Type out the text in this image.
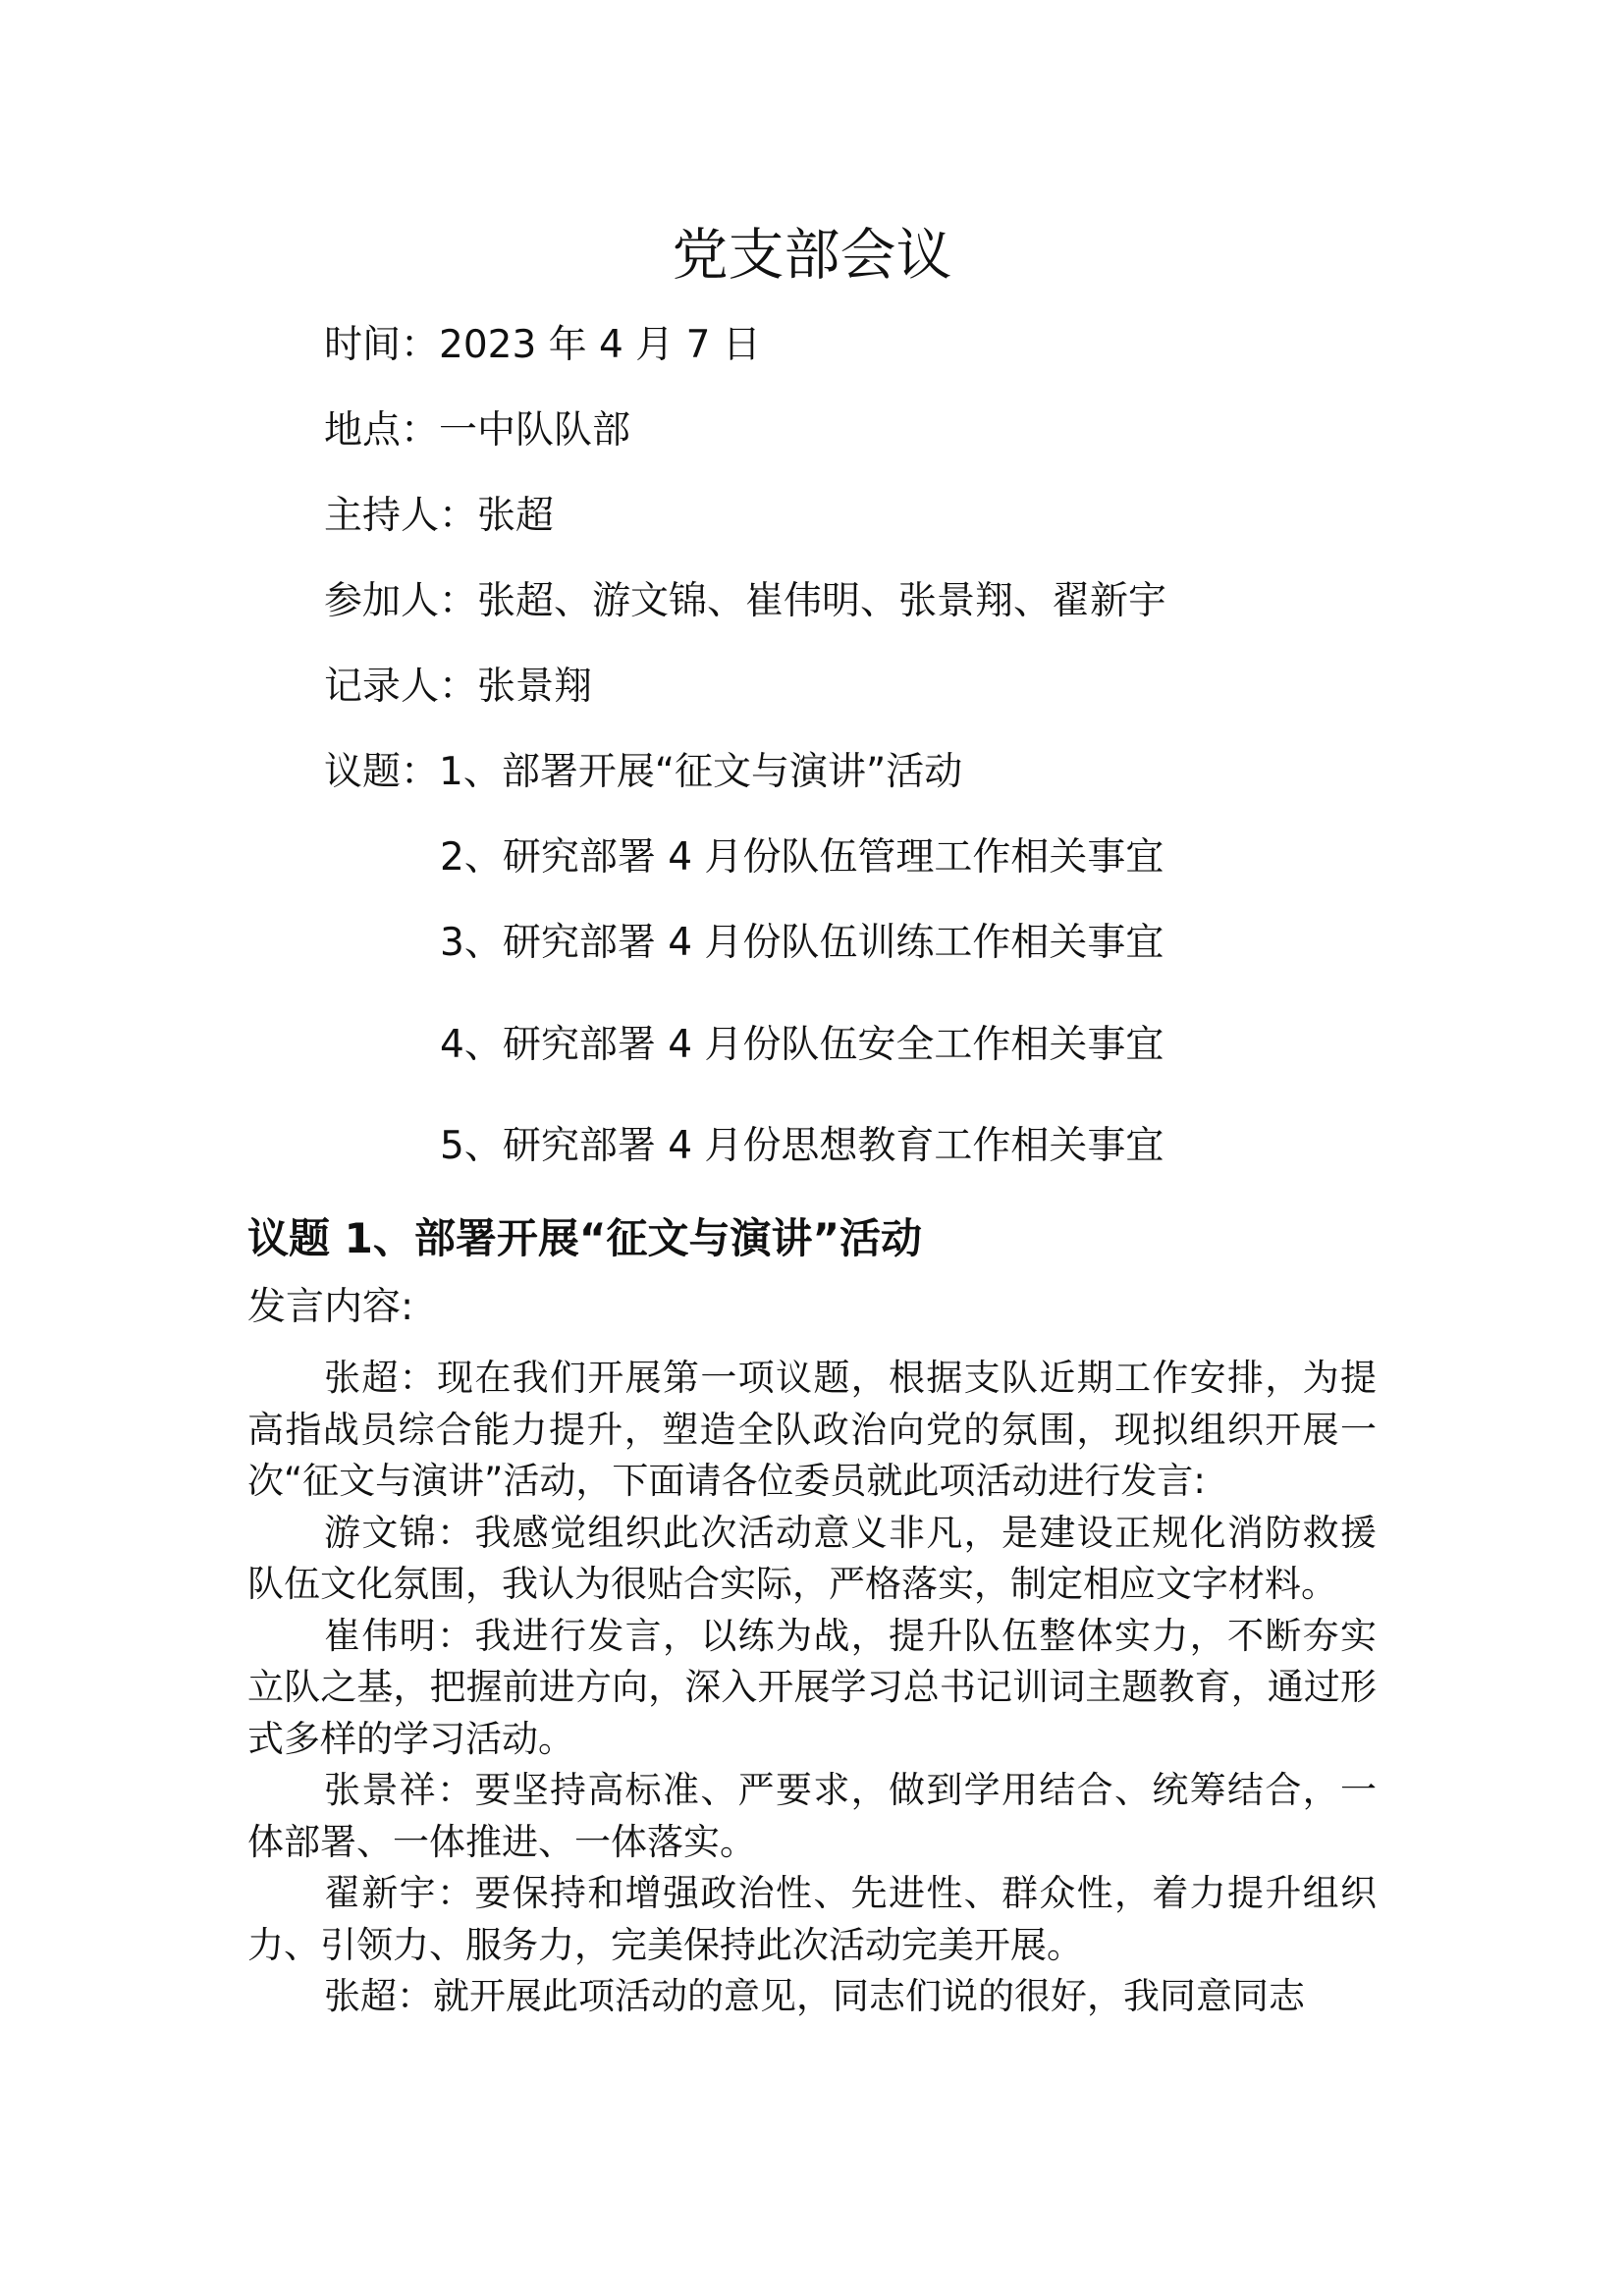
党支部会议
时间：2023 年 4 月 7 日
地点：一中队队部
主持人：张超
参加人：张超、游文锦、崔伟明、张景翔、翟新宇
记录人：张景翔
议题：1、部署开展“征文与演讲”活动
2、研究部署 4 月份队伍管理工作相关事宜
3、研究部署 4 月份队伍训练工作相关事宜
4、研究部署 4 月份队伍安全工作相关事宜
5、研究部署 4 月份思想教育工作相关事宜
议题 1、部署开展“征文与演讲”活动
发言内容:

张超：现在我们开展第一项议题，根据支队近期工作安排，为提高指战员综合能力提升，塑造全队政治向党的氛围，现拟组织开展一次“征文与演讲”活动，下面请各位委员就此项活动进行发言:

游文锦：我感觉组织此次活动意义非凡，是建设正规化消防救援队伍文化氛围，我认为很贴合实际，严格落实，制定相应文字材料。

崔伟明：我进行发言，以练为战，提升队伍整体实力，不断夯实立队之基，把握前进方向，深入开展学习总书记训词主题教育，通过形式多样的学习活动。

张景祥：要坚持高标准、严要求，做到学用结合、统筹结合，一体部署、一体推进、一体落实。

翟新宇：要保持和增强政治性、先进性、群众性，着力提升组织力、引领力、服务力，完美保持此次活动完美开展。

张超：就开展此项活动的意见，同志们说的很好，我同意同志
